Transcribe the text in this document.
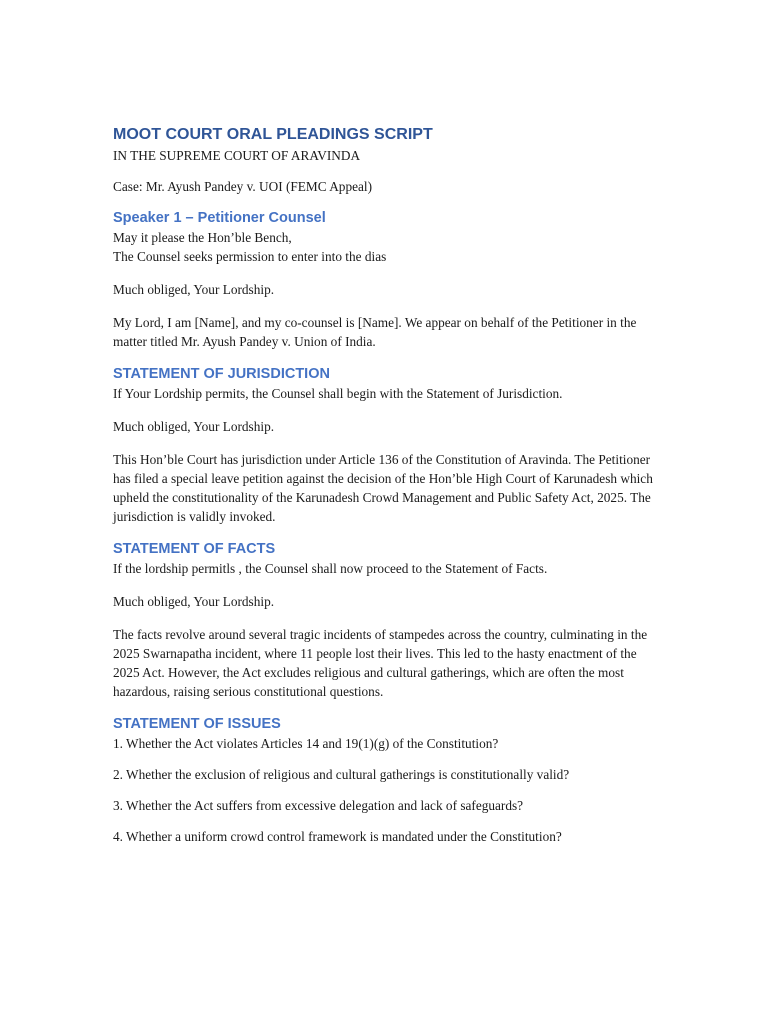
MOOT COURT ORAL PLEADINGS SCRIPT

IN THE SUPREME COURT OF ARAVINDA

Case: Mr. Ayush Pandey v. UOI (FEMC Appeal)

Speaker 1 – Petitioner Counsel

May it please the Hon’ble Bench,

The Counsel seeks permission to enter into the dias

Much obliged, Your Lordship.

My Lord, I am [Name], and my co-counsel is [Name]. We appear on behalf of the Petitioner in the matter titled Mr. Ayush Pandey v. Union of India.

STATEMENT OF JURISDICTION

If Your Lordship permits, the Counsel shall begin with the Statement of Jurisdiction.

Much obliged, Your Lordship.

This Hon’ble Court has jurisdiction under Article 136 of the Constitution of Aravinda. The Petitioner has filed a special leave petition against the decision of the Hon’ble High Court of Karunadesh which upheld the constitutionality of the Karunadesh Crowd Management and Public Safety Act, 2025. The jurisdiction is validly invoked.

STATEMENT OF FACTS

If the lordship permitls , the Counsel shall now proceed to the Statement of Facts.

Much obliged, Your Lordship.

The facts revolve around several tragic incidents of stampedes across the country, culminating in the 2025 Swarnapatha incident, where 11 people lost their lives. This led to the hasty enactment of the 2025 Act. However, the Act excludes religious and cultural gatherings, which are often the most hazardous, raising serious constitutional questions.

STATEMENT OF ISSUES

1. Whether the Act violates Articles 14 and 19(1)(g) of the Constitution?

2. Whether the exclusion of religious and cultural gatherings is constitutionally valid?

3. Whether the Act suffers from excessive delegation and lack of safeguards?

4. Whether a uniform crowd control framework is mandated under the Constitution?
